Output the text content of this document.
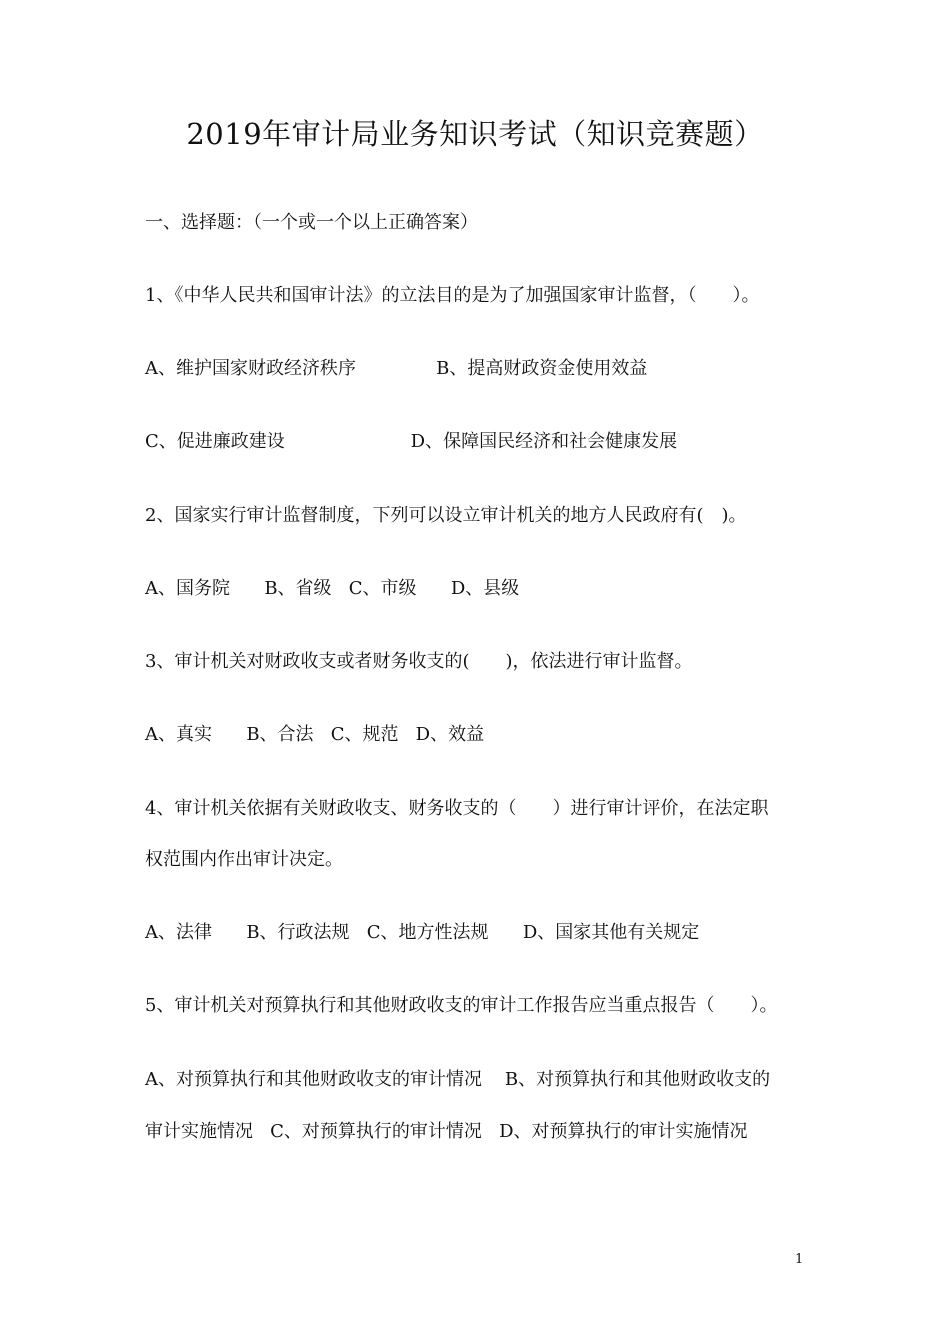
2019年审计局业务知识考试（知识竞赛题）
一、选择题：（一个或一个以上正确答案）
1、《中华人民共和国审计法》的立法目的是为了加强国家审计监督，（　　）。
A、维护国家财政经济秩序              B、提高财政资金使用效益
C、促进廉政建设                      D、保障国民经济和社会健康发展
2、国家实行审计监督制度，下列可以设立审计机关的地方人民政府有(　)。
A、国务院      B、省级   C、市级      D、县级
3、审计机关对财政收支或者财务收支的(　　)，依法进行审计监督。
A、真实      B、合法   C、规范   D、效益
4、审计机关依据有关财政收支、财务收支的（　　）进行审计评价，在法定职
权范围内作出审计决定。
A、法律      B、行政法规   C、地方性法规      D、国家其他有关规定
5、审计机关对预算执行和其他财政收支的审计工作报告应当重点报告（　　）。
A、对预算执行和其他财政收支的审计情况    B、对预算执行和其他财政收支的
审计实施情况   C、对预算执行的审计情况   D、对预算执行的审计实施情况
1
